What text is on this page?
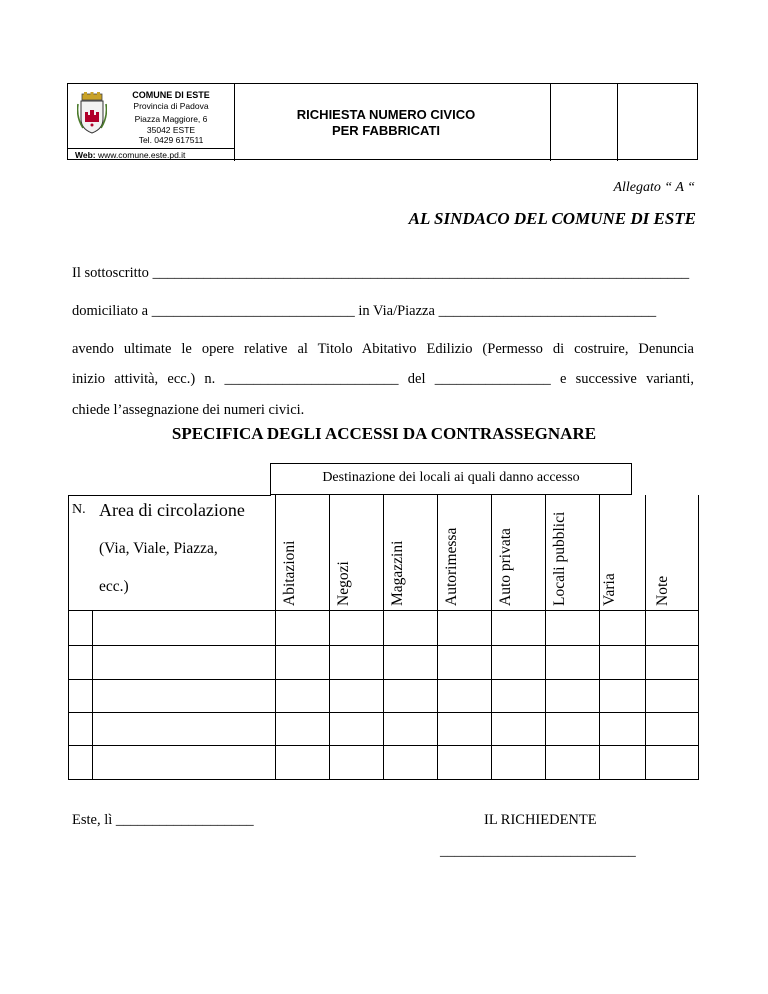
COMUNE DI ESTE
Provincia di Padova
Piazza Maggiore, 6
35042 ESTE
Tel. 0429 617511
Web: www.comune.este.pd.it
RICHIESTA NUMERO CIVICO
PER FABBRICATI
Allegato “ A “
AL SINDACO DEL COMUNE DI ESTE
Il sottoscritto __________________________________________________________________________
domiciliato a ____________________________ in Via/Piazza ______________________________
avendo ultimate le opere relative al Titolo Abitativo Edilizio (Permesso di costruire, Denuncia
inizio attività, ecc.) n. ________________________ del ________________ e successive varianti,
chiede l’assegnazione dei numeri civici.
SPECIFICA DEGLI ACCESSI DA CONTRASSEGNARE
Destinazione dei locali ai quali danno accesso
N. Area di circolazione
(Via, Viale, Piazza,
ecc.)	Abitazioni Negozi Magazzini Autorimessa Auto privata Locali pubblici Varia Note
Este, lì ___________________	IL RICHIEDENTE
___________________________
